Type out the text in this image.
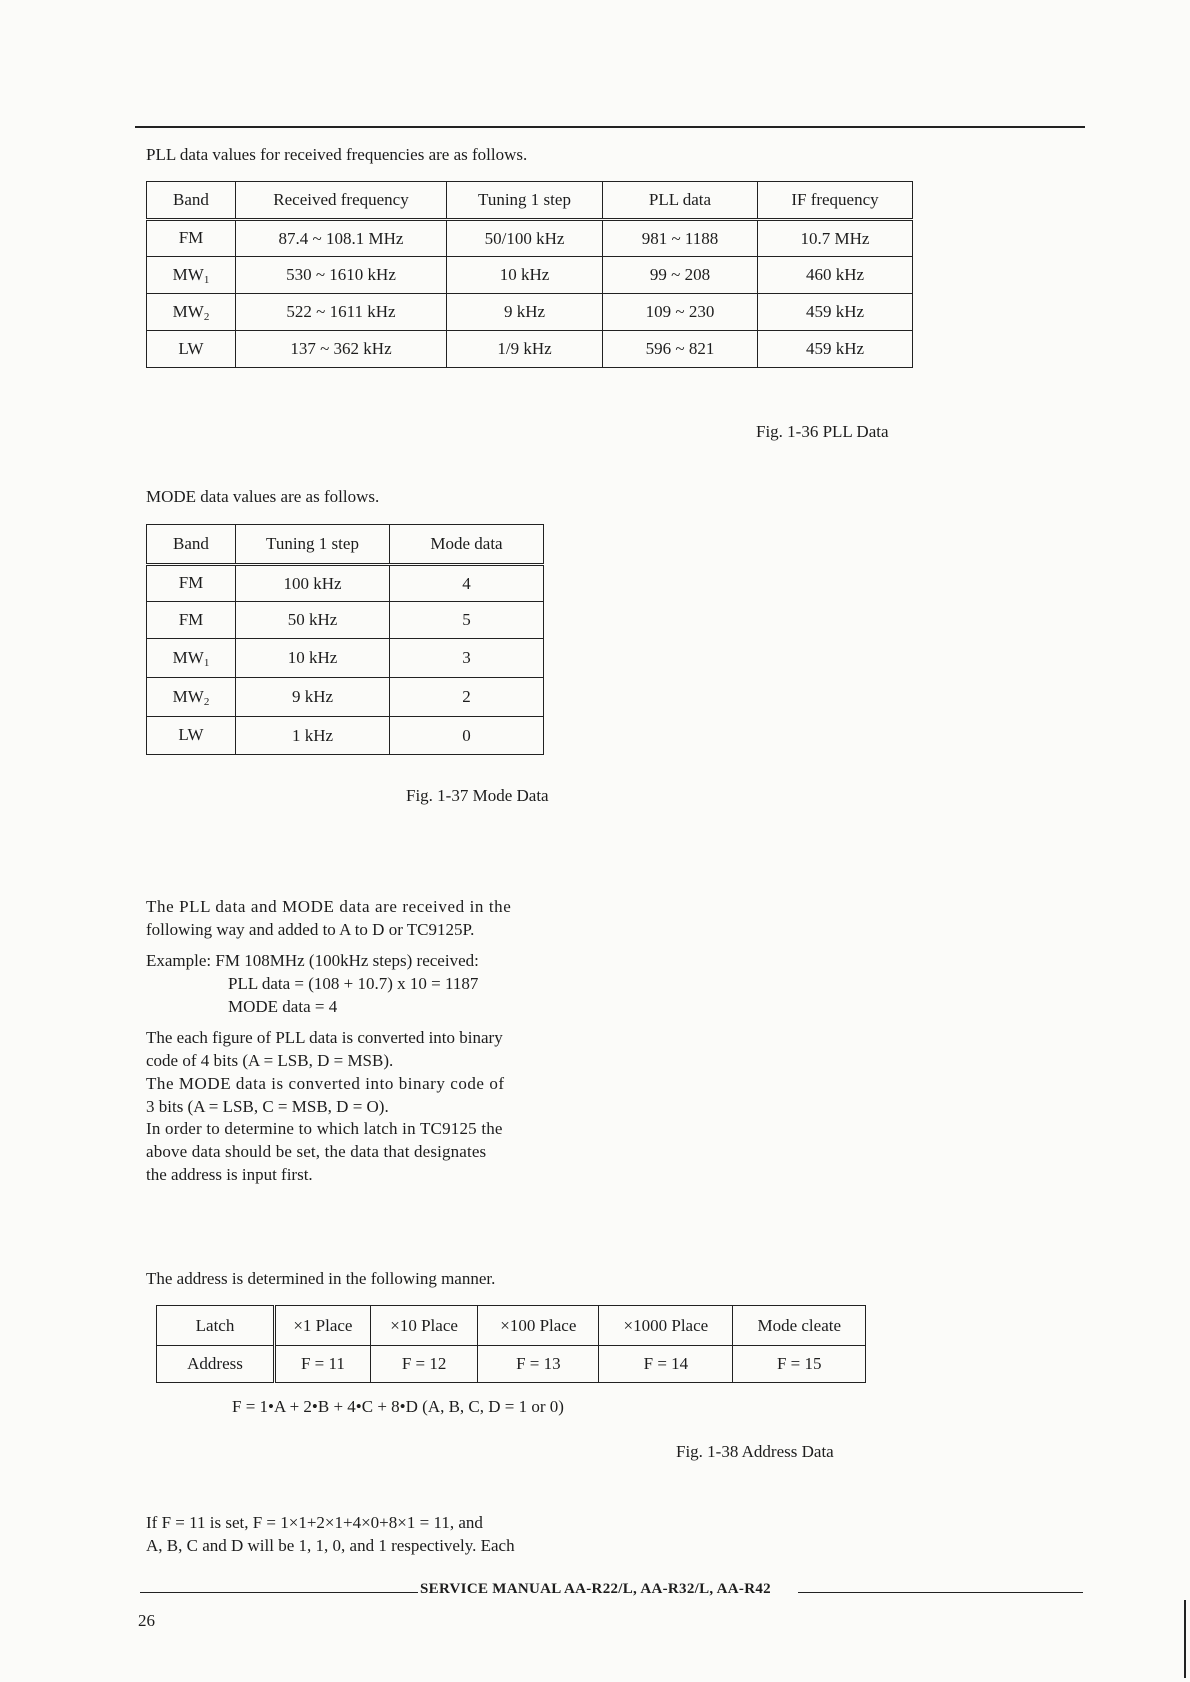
PLL data values for received frequencies are as follows.
Band	Received frequency	Tuning 1 step	PLL data	IF frequency
FM	87.4 ~ 108.1 MHz	50/100 kHz	981 ~ 1188	10.7 MHz
$MW_1$	530 ~ 1610 kHz	10 kHz	99 ~ 208	460 kHz
$MW_2$	522 ~ 1611 kHz	9 kHz	109 ~ 230	459 kHz
LW	137 ~ 362 kHz	1/9 kHz	596 ~ 821	459 kHz
Fig. 1-36 PLL Data
MODE data values are as follows.
Band	Tuning 1 step	Mode data
FM	100 kHz	4
FM	50 kHz	5
$MW_1$	10 kHz	3
$MW_2$	9 kHz	2
LW	1 kHz	0
Fig. 1-37 Mode Data

The PLL data and MODE data are received in the

following way and added to A to D or TC9125P.

Example: FM 108MHz (100kHz steps) received:

PLL data = (108 + 10.7) x 10 = 1187

MODE data = 4

The each figure of PLL data is converted into binary

code of 4 bits (A = LSB, D = MSB).

The MODE data is converted into binary code of

3 bits (A = LSB, C = MSB, D = O).

In order to determine to which latch in TC9125 the

above data should be set, the data that designates

the address is input first.

The address is determined in the following manner.
Latch	×1 Place	×10 Place	×100 Place	×1000 Place	Mode cleate
Address	F = 11	F = 12	F = 13	F = 14	F = 15
F = 1•A + 2•B + 4•C + 8•D (A, B, C, D = 1 or 0)
Fig. 1-38 Address Data

If F = 11 is set, F = 1×1+2×1+4×0+8×1 = 11, and

A, B, C and D will be 1, 1, 0, and 1 respectively. Each

SERVICE MANUAL AA-R22/L, AA-R32/L, AA-R42
26
